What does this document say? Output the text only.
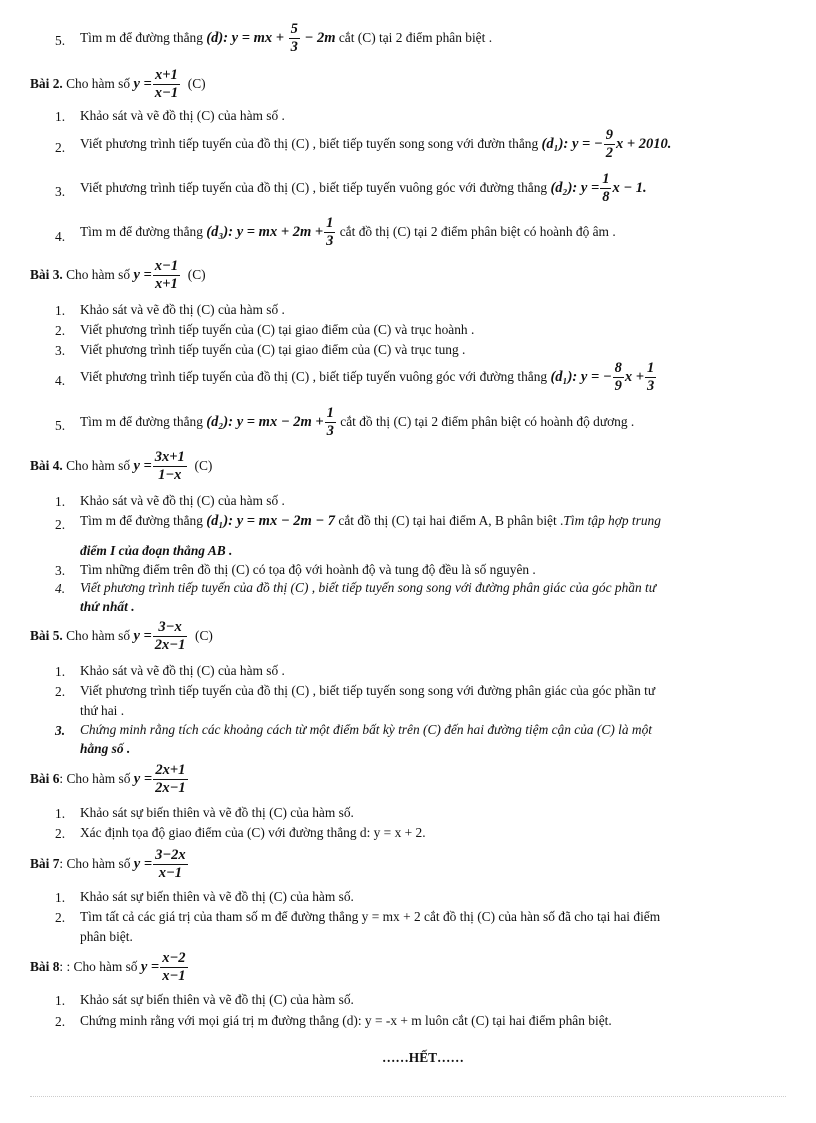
5. Tìm m để đường thẳng (d): y = mx + $\frac{5}{3} - 2m$ cắt (C) tại 2 điểm phân biệt .
Bài 2. Cho hàm số $y = \frac{x+1}{x-1} (C)$
1. Khảo sát và vẽ đồ thị (C) của hàm số .
2. Viết phương trình tiếp tuyến của đồ thị (C) , biết tiếp tuyến song song với đườn thẳng (d₁): y = − $\frac{9}{2}$ x + 2010.
3. Viết phương trình tiếp tuyến của đồ thị (C) , biết tiếp tuyến vuông góc với đường thẳng (d₂): $y = \frac{1}{8}$ x − 1.
4. Tìm m để đường thẳng (d₃): y = mx + $2m + \frac{1}{3}$ cắt đồ thị (C) tại 2 điểm phân biệt có hoành độ âm .
Bài 3. Cho hàm số $y = \frac{x-1}{x+1} (C)$
1. Khảo sát và vẽ đồ thị (C) của hàm số .
2. Viết phương trình tiếp tuyến của (C) tại giao điểm của (C) và trục hoành .
3. Viết phương trình tiếp tuyến của (C) tại giao điểm của (C) và trục tung .
4. Viết phương trình tiếp tuyến của đồ thị (C) , biết tiếp tuyến vuông góc với đường thẳng (d₁): y = − $\frac{8}{9}$ $x + \frac{1}{3}$
5. Tìm m để đường thẳng (d₂): y = mx − $2m + \frac{1}{3}$ cắt đồ thị (C) tại 2 điểm phân biệt có hoành độ dương .
Bài 4. Cho hàm số $y = \frac{3x+1}{1-x} (C)$
1. Khảo sát và vẽ đồ thị (C) của hàm số .
2. Tìm m để đường thẳng (d₁): y = mx − 2m − 7 cắt đồ thị (C) tại hai điểm A, B phân biệt .Tìm tập hợp trung
điểm I của đoạn thẳng AB .
3. Tìm những điểm trên đồ thị (C) có tọa độ với hoành độ và tung độ đều là số nguyên .
4. Viết phương trình tiếp tuyến của đồ thị (C) , biết tiếp tuyến song song với đường phân giác của góc phần tư
thứ nhất .
Bài 5. Cho hàm số $y = \frac{3-x}{2x-1} (C)$
1. Khảo sát và vẽ đồ thị (C) của hàm số .
2. Viết phương trình tiếp tuyến của đồ thị (C) , biết tiếp tuyến song song với đường phân giác của góc phần tư
thứ hai .
3. Chứng minh rằng tích các khoảng cách từ một điểm bất kỳ trên (C) đến hai đường tiệm cận của (C) là một
hằng số .
Bài 6: Cho hàm số $y = \frac{2x+1}{2x-1}$
1. Khảo sát sự biến thiên và vẽ đồ thị (C) của hàm số.
2. Xác định tọa độ giao điểm của (C) với đường thẳng d: y = x + 2.
Bài 7: Cho hàm số $y = \frac{3-2x}{x-1}$
1. Khảo sát sự biến thiên và vẽ đồ thị (C) của hàm số.
2. Tìm tất cả các giá trị của tham số m để đường thẳng y = mx + 2 cắt đồ thị (C) của hàn số đã cho tại hai điểm
phân biệt.
Bài 8: : Cho hàm số $y = \frac{x-2}{x-1}$
1. Khảo sát sự biến thiên và vẽ đồ thị (C) của hàm số.
2. Chứng minh rằng với mọi giá trị m đường thẳng (d): y = -x + m luôn cắt (C) tại hai điểm phân biệt.
……HẾT……
